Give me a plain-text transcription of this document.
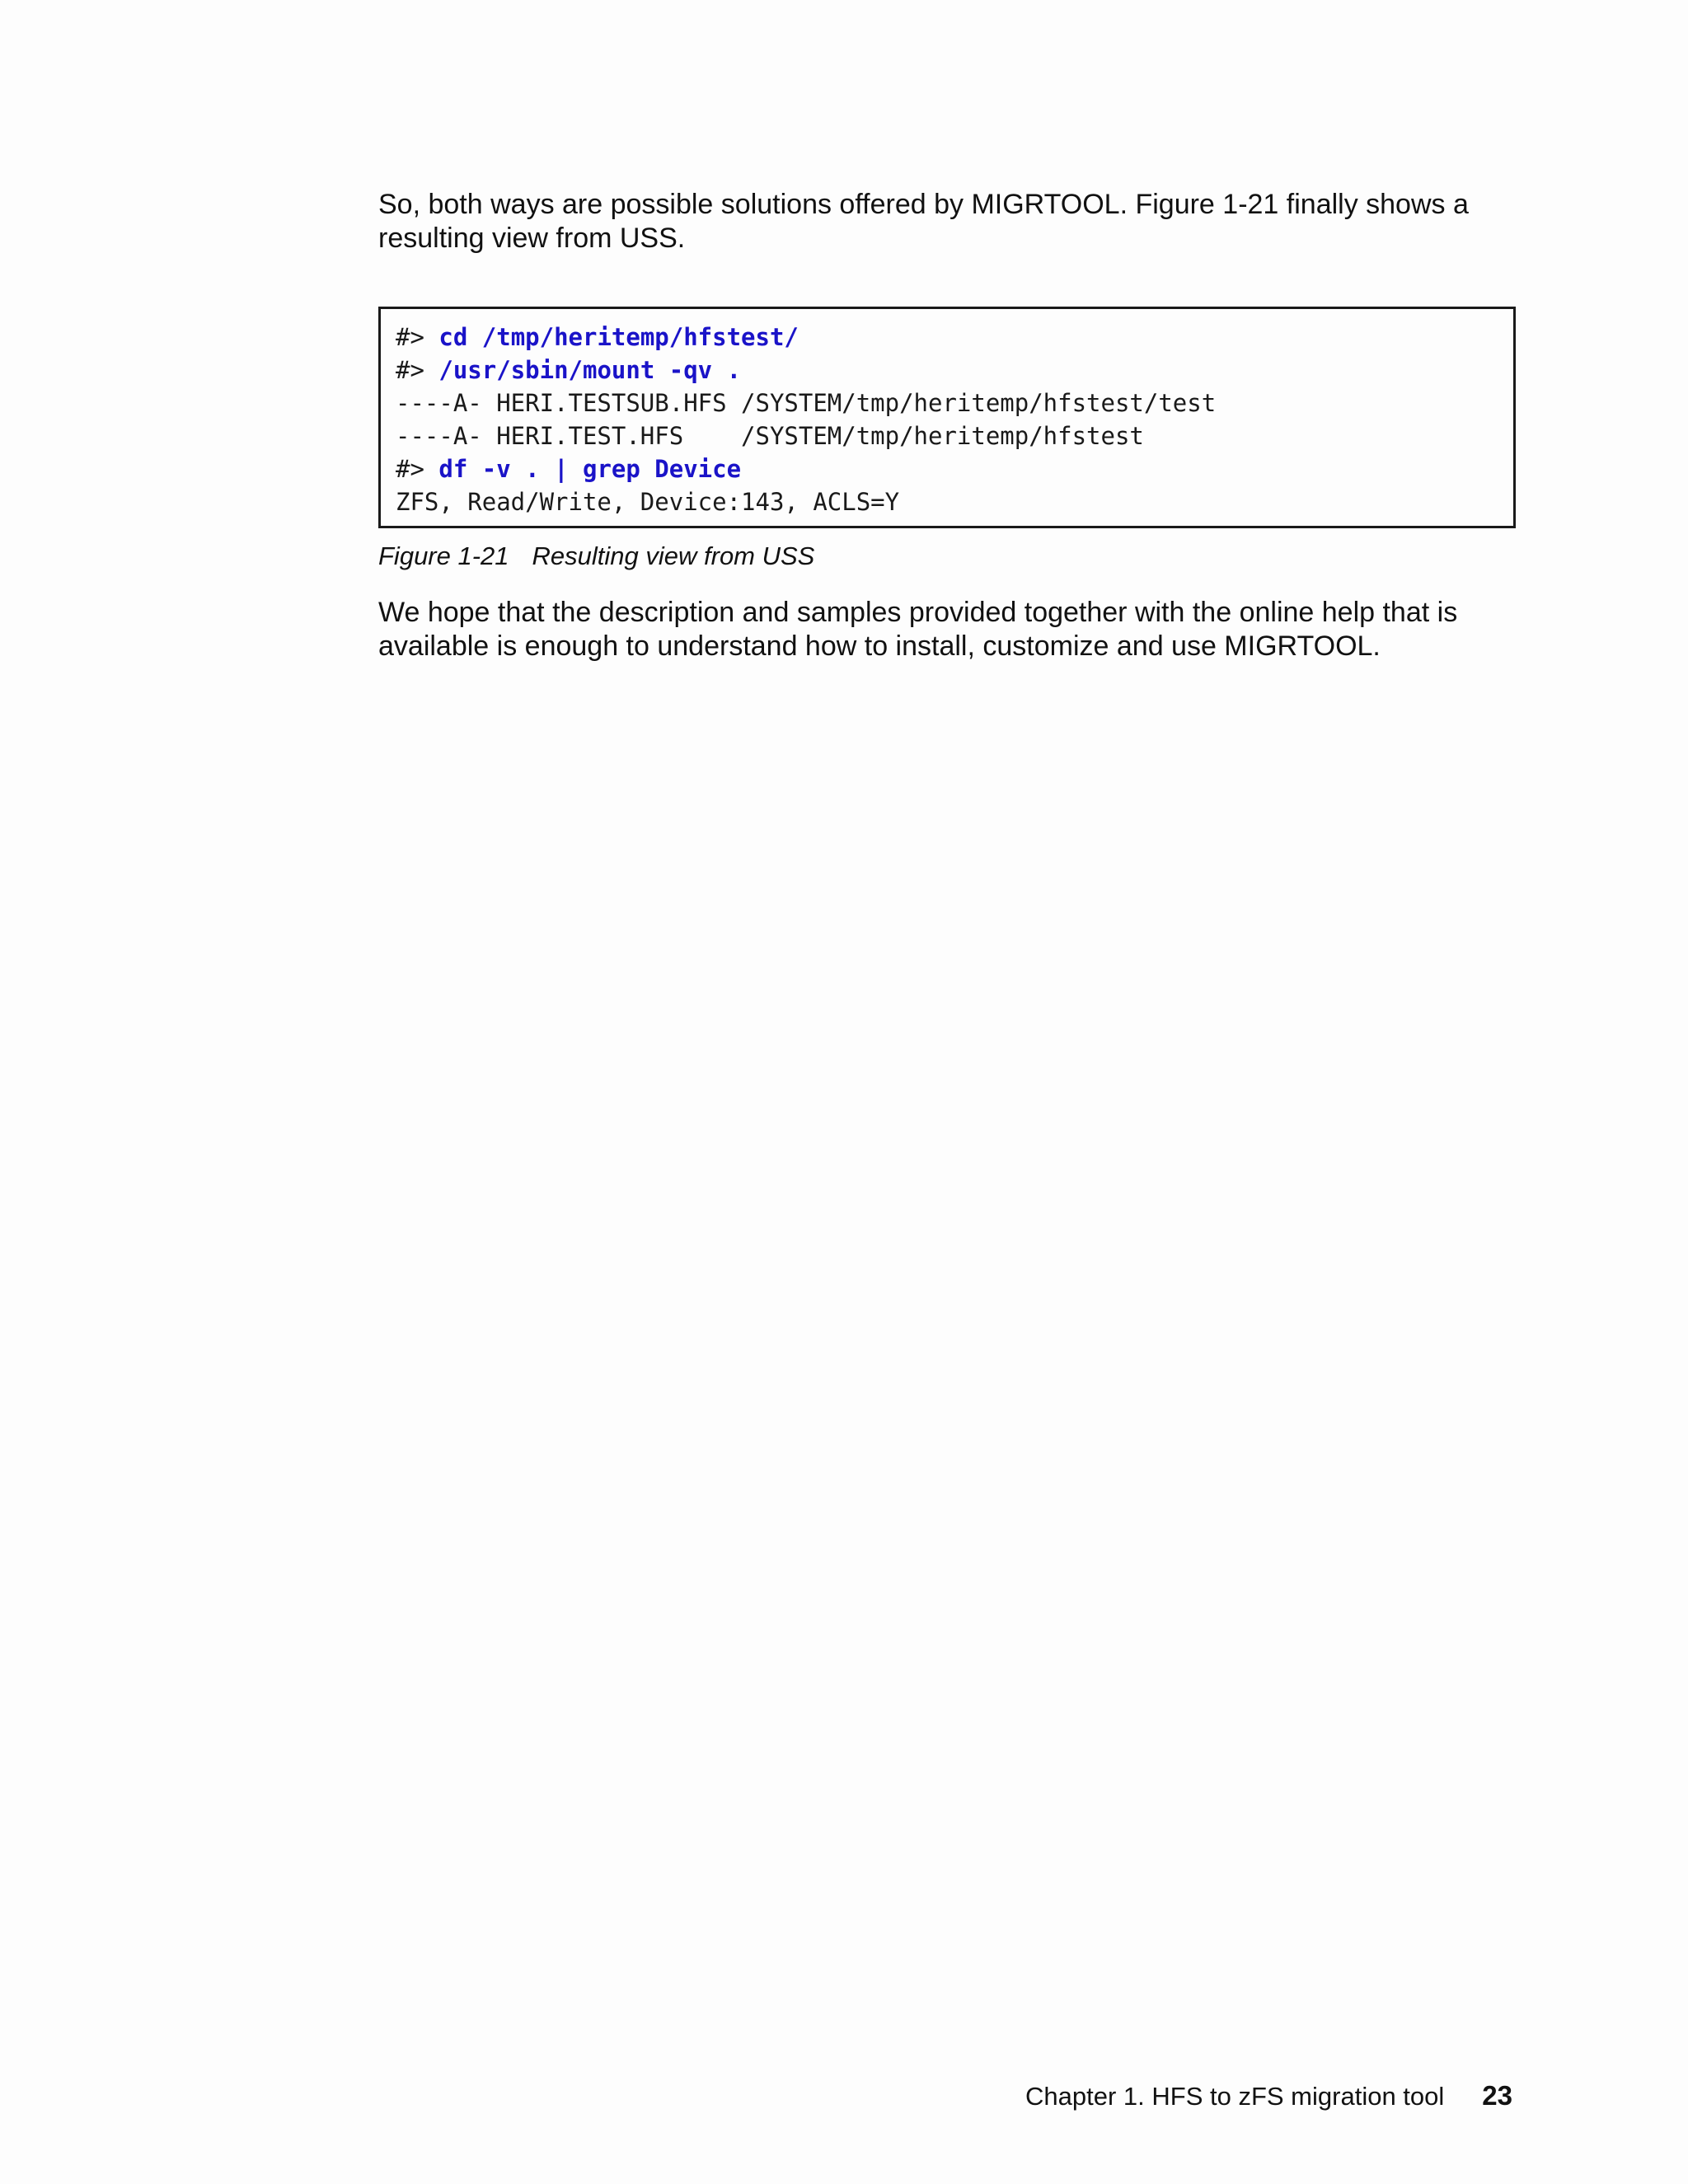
So, both ways are possible solutions offered by MIGRTOOL. Figure 1-21 finally shows a resulting view from USS.

#> cd /tmp/heritemp/hfstest/
#> /usr/sbin/mount -qv .
----A- HERI.TESTSUB.HFS /SYSTEM/tmp/heritemp/hfstest/test
----A- HERI.TEST.HFS    /SYSTEM/tmp/heritemp/hfstest
#> df -v . | grep Device
ZFS, Read/Write, Device:143, ACLS=Y

Figure 1-21 Resulting view from USS

We hope that the description and samples provided together with the online help that is available is enough to understand how to install, customize and use MIGRTOOL.

Chapter 1. HFS to zFS migration tool 23
